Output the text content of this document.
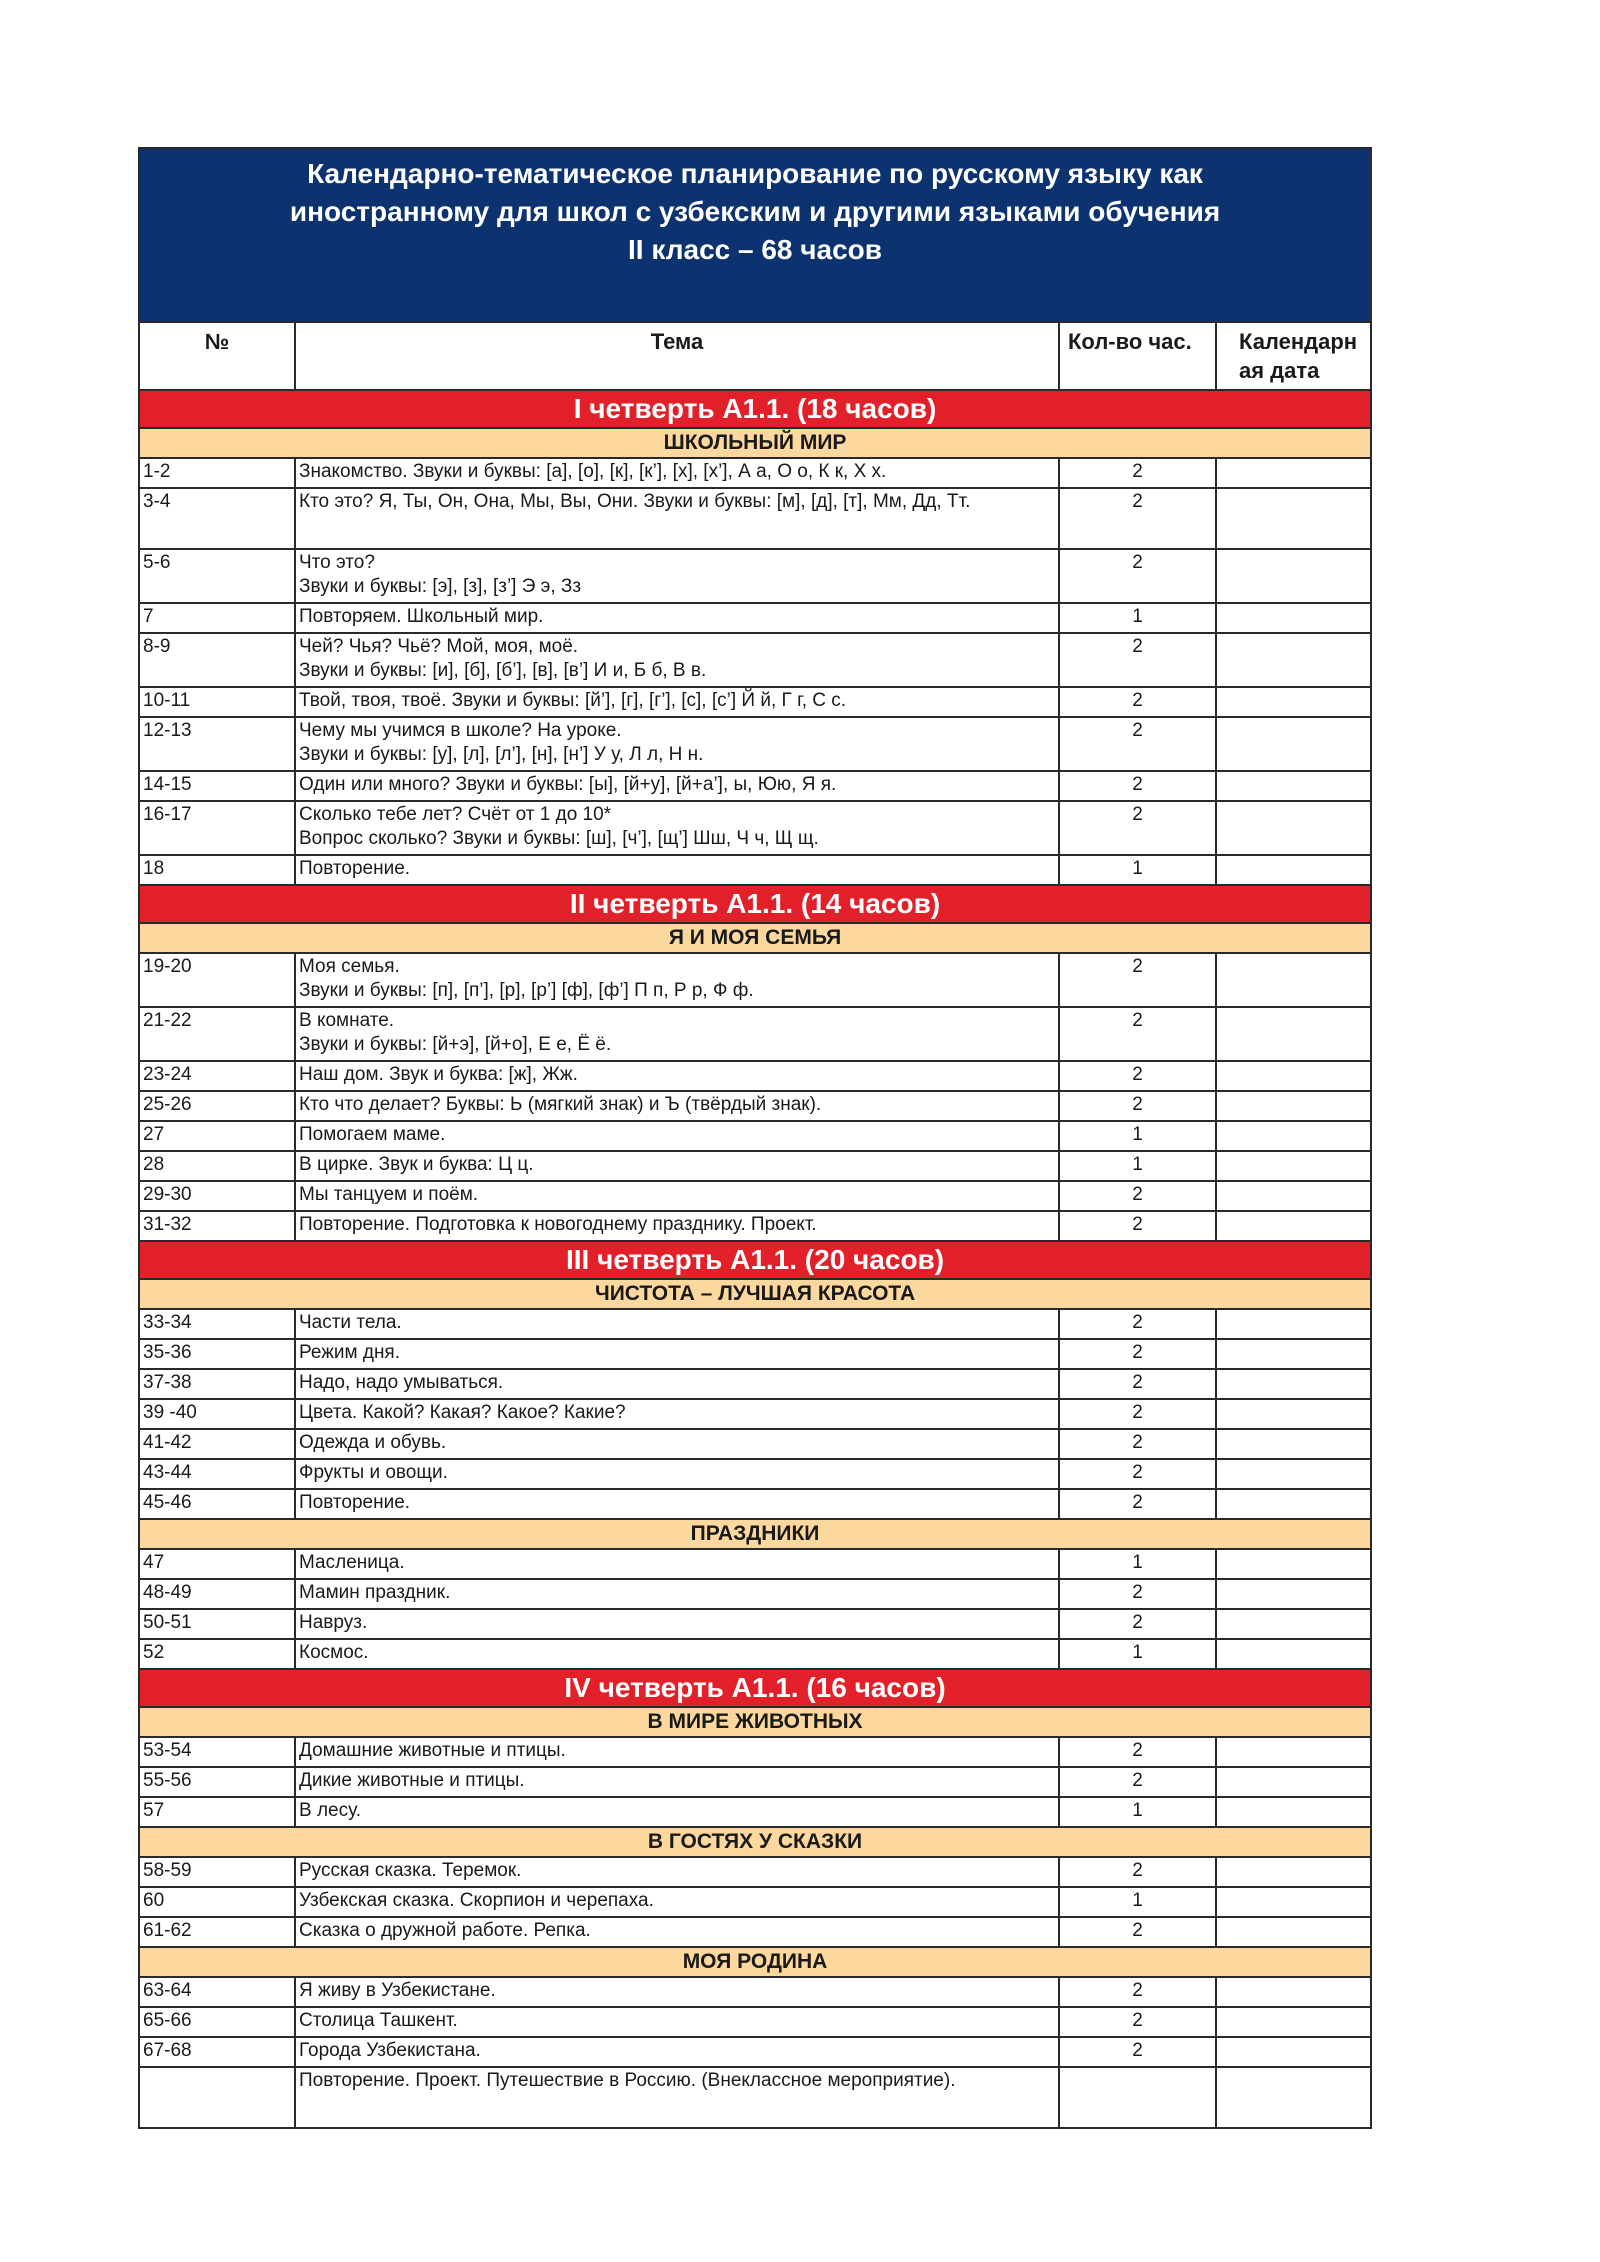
Календарно-тематическое планирование по русскому языку как
иностранному для школ с узбекским и другими языками обучения
II класс – 68 часов			

№	Тема	Кол-во час.	Календарн
ая дата

I четверть А1.1. (18 часов)			
ШКОЛЬНЫЙ МИР			
1-2	Знакомство. Звуки и буквы: [а], [о], [к], [к’], [х], [х’], А а, О о, К к, Х х.	2	
3-4	Кто это? Я, Ты, Он, Она, Мы, Вы, Они. Звуки и буквы: [м], [д], [т], Мм, Дд, Тт.	2	
5-6	Что это?
Звуки и буквы: [э], [з], [з’] Э э, Зз	2	
7	Повторяем. Школьный мир.	1	
8-9	Чей? Чья? Чьё? Мой, моя, моё.
Звуки и буквы: [и], [б], [б’], [в], [в’] И и, Б б, В в.	2	
10-11	Твой, твоя, твоё. Звуки и буквы: [й’], [г], [г’], [с], [с’] Й й, Г г, С с.	2	
12-13	Чему мы учимся в школе? На уроке.
Звуки и буквы: [у], [л], [л’], [н], [н’] У у, Л л, Н н.	2	
14-15	Один или много? Звуки и буквы: [ы], [й+у], [й+а’], ы, Юю, Я я.	2	
16-17	Сколько тебе лет? Счёт от 1 до 10*
Вопрос сколько? Звуки и буквы: [ш], [ч’], [щ’] Шш, Ч ч, Щ щ.	2	
18	Повторение.	1	
II четверть А1.1. (14 часов)			
Я И МОЯ СЕМЬЯ			
19-20	Моя семья.
Звуки и буквы: [п], [п’], [р], [р’] [ф], [ф’] П п, Р р, Ф ф.	2	
21-22	В комнате.
Звуки и буквы: [й+э], [й+о], Е е, Ё ё.	2	
23-24	Наш дом. Звук и буква: [ж], Жж.	2	
25-26	Кто что делает? Буквы: Ь (мягкий знак) и Ъ (твёрдый знак).	2	
27	Помогаем маме.	1	
28	В цирке. Звук и буква: Ц ц.	1	
29-30	Мы танцуем и поём.	2	
31-32	Повторение. Подготовка к новогоднему празднику. Проект.	2	
III четверть А1.1. (20 часов)			
ЧИСТОТА – ЛУЧШАЯ КРАСОТА			
33-34	Части тела.	2	
35-36	Режим дня.	2	
37-38	Надо, надо умываться.	2	
39 -40	Цвета. Какой? Какая? Какое? Какие?	2	
41-42	Одежда и обувь.	2	
43-44	Фрукты и овощи.	2	
45-46	Повторение.	2	
ПРАЗДНИКИ			
47	Масленица.	1	
48-49	Мамин праздник.	2	
50-51	Навруз.	2	
52	Космос.	1	
IV четверть А1.1. (16 часов)			
В МИРЕ ЖИВОТНЫХ			
53-54	Домашние животные и птицы.	2	
55-56	Дикие животные и птицы.	2	
57	В лесу.	1	
В ГОСТЯХ У СКАЗКИ			
58-59	Русская сказка. Теремок.	2	
60	Узбекская сказка. Скорпион и черепаха.	1	
61-62	Сказка о дружной работе. Репка.	2	
МОЯ РОДИНА			
63-64	Я живу в Узбекистане.	2	
65-66	Столица Ташкент.	2	
67-68	Города Узбекистана.	2	

	Повторение. Проект. Путешествие в Россию. (Внеклассное мероприятие).		
